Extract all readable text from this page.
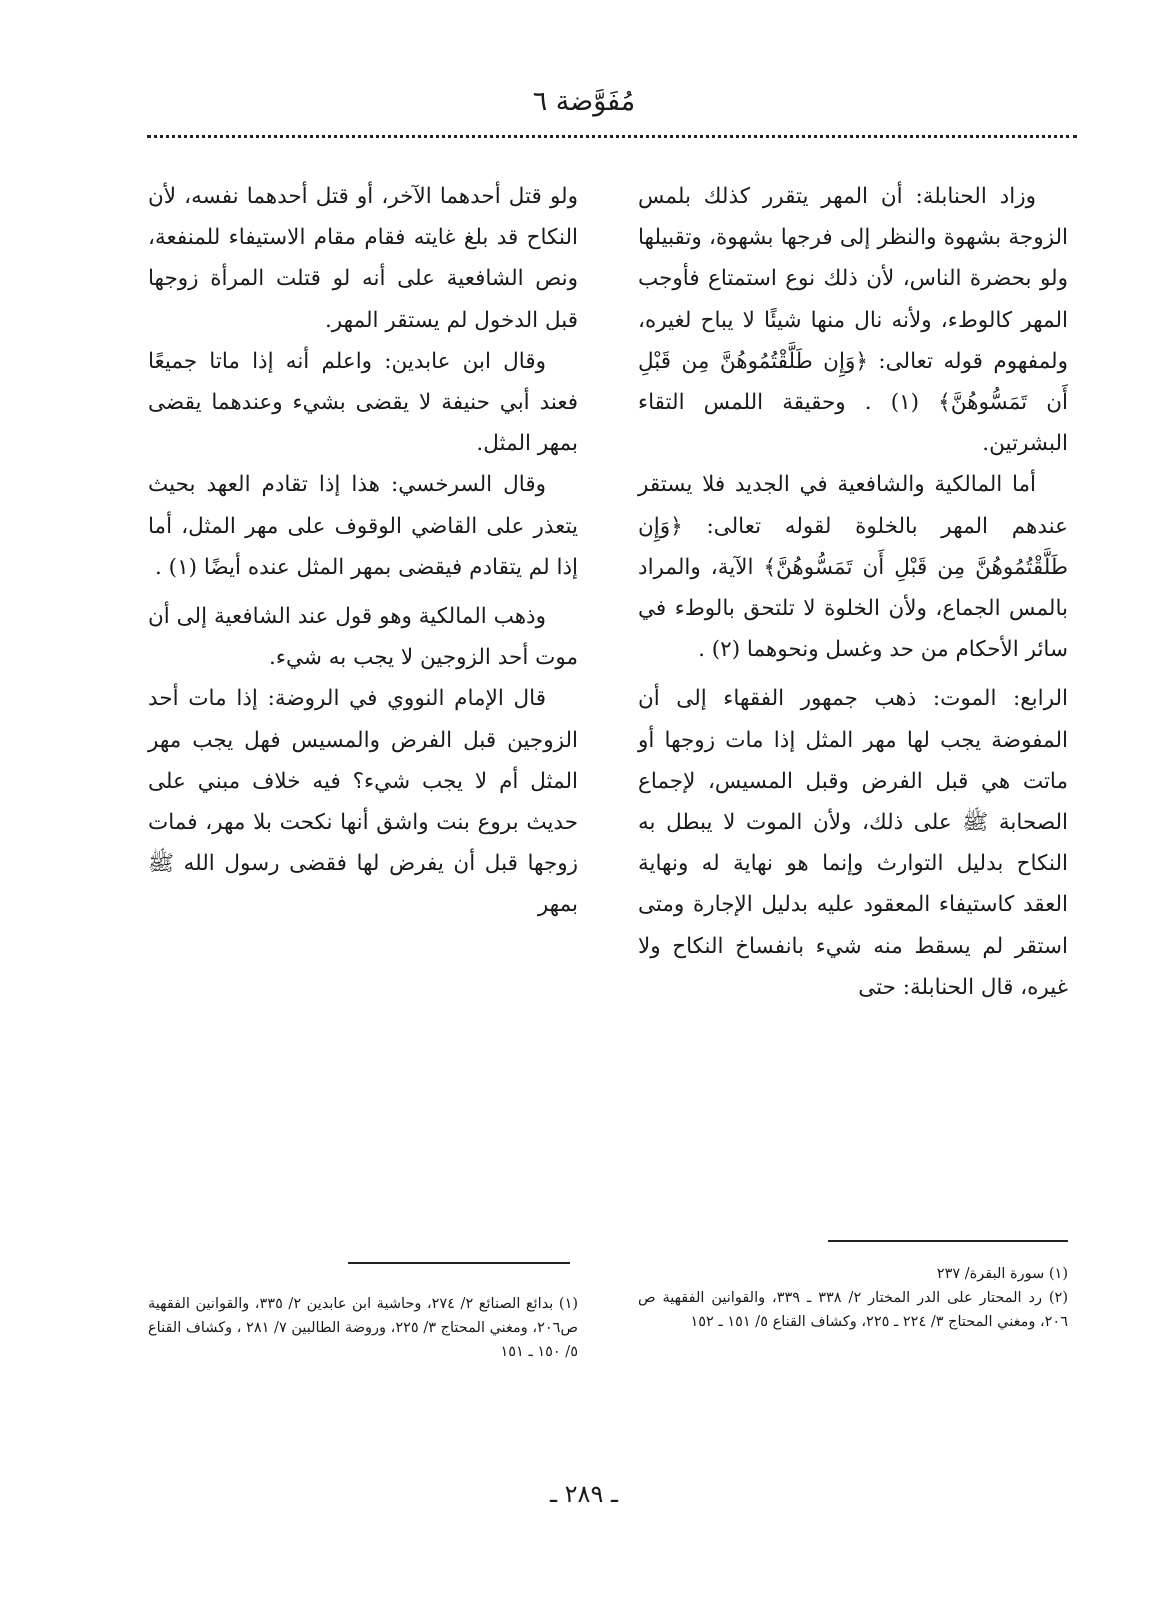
مُفَوَّضة ٦

وزاد الحنابلة: أن المهر يتقرر كذلك بلمس الزوجة بشهوة والنظر إلى فرجها بشهوة، وتقبيلها ولو بحضرة الناس، لأن ذلك نوع استمتاع فأوجب المهر كالوطء، ولأنه نال منها شيئًا لا يباح لغيره، ولمفهوم قوله تعالى: ﴿وَإِن طَلَّقْتُمُوهُنَّ مِن قَبْلِ أَن تَمَسُّوهُنَّ﴾ (١) . وحقيقة اللمس التقاء البشرتين.

أما المالكية والشافعية في الجديد فلا يستقر عندهم المهر بالخلوة لقوله تعالى: ﴿وَإِن طَلَّقْتُمُوهُنَّ مِن قَبْلِ أَن تَمَسُّوهُنَّ﴾ الآية، والمراد بالمس الجماع، ولأن الخلوة لا تلتحق بالوطء في سائر الأحكام من حد وغسل ونحوهما (٢) .

الرابع: الموت: ذهب جمهور الفقهاء إلى أن المفوضة يجب لها مهر المثل إذا مات زوجها أو ماتت هي قبل الفرض وقبل المسيس، لإجماع الصحابة ﷺ على ذلك، ولأن الموت لا يبطل به النكاح بدليل التوارث وإنما هو نهاية له ونهاية العقد كاستيفاء المعقود عليه بدليل الإجارة ومتى استقر لم يسقط منه شيء بانفساخ النكاح ولا غيره، قال الحنابلة: حتى

ولو قتل أحدهما الآخر، أو قتل أحدهما نفسه، لأن النكاح قد بلغ غايته فقام مقام الاستيفاء للمنفعة، ونص الشافعية على أنه لو قتلت المرأة زوجها قبل الدخول لم يستقر المهر.

وقال ابن عابدين: واعلم أنه إذا ماتا جميعًا فعند أبي حنيفة لا يقضى بشيء وعندهما يقضى بمهر المثل.

وقال السرخسي: هذا إذا تقادم العهد بحيث يتعذر على القاضي الوقوف على مهر المثل، أما إذا لم يتقادم فيقضى بمهر المثل عنده أيضًا (١) .

وذهب المالكية وهو قول عند الشافعية إلى أن موت أحد الزوجين لا يجب به شيء.

قال الإمام النووي في الروضة: إذا مات أحد الزوجين قبل الفرض والمسيس فهل يجب مهر المثل أم لا يجب شيء؟ فيه خلاف مبني على حديث بروع بنت واشق أنها نكحت بلا مهر، فمات زوجها قبل أن يفرض لها فقضى رسول الله ﷺ بمهر

(١) سورة البقرة/ ٢٣٧

(٢) رد المحتار على الدر المختار ٢/ ٣٣٨ ـ ٣٣٩، والقوانين الفقهية ص ٢٠٦، ومغني المحتاج ٣/ ٢٢٤ ـ ٢٢٥، وكشاف القناع ٥/ ١٥١ ـ ١٥٢

(١) بدائع الصنائع ٢/ ٢٧٤، وحاشية ابن عابدين ٢/ ٣٣٥، والقوانين الفقهية ص٢٠٦، ومغني المحتاج ٣/ ٢٢٥، وروضة الطالبين ٧/ ٢٨١ ، وكشاف القناع ٥/ ١٥٠ ـ ١٥١

ـ ٢٨٩ ـ
